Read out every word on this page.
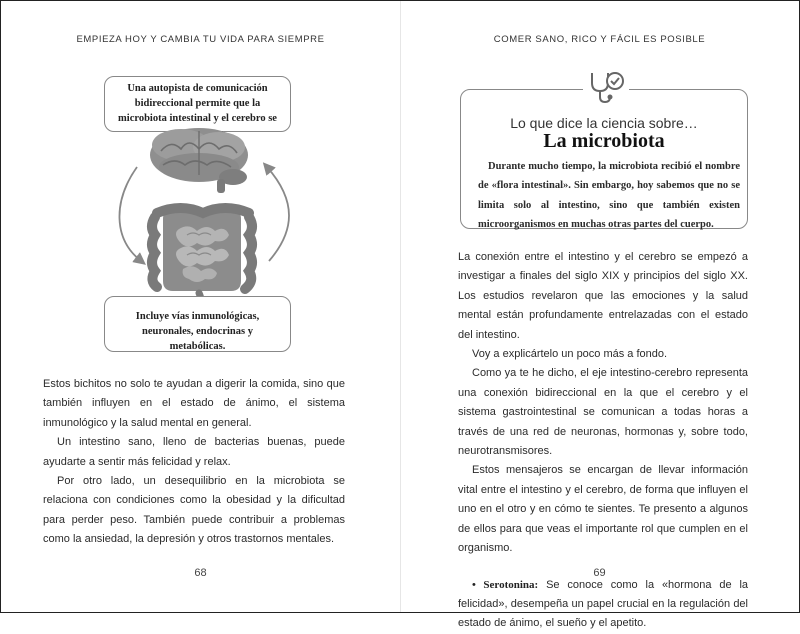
EMPIEZA HOY Y CAMBIA TU VIDA PARA SIEMPRE
Una autopista de comunicación bidireccional permite que la microbiota intestinal y el cerebro se
Incluye vías inmunológicas, neuronales, endocrinas y metabólicas.

Estos bichitos no solo te ayudan a digerir la comida, sino que también influyen en el estado de ánimo, el sistema inmunológico y la salud mental en general.

Un intestino sano, lleno de bacterias buenas, puede ayudarte a sentir más felicidad y relax.

Por otro lado, un desequilibrio en la microbiota se relaciona con condiciones como la obesidad y la dificultad para perder peso. También puede contribuir a problemas como la ansiedad, la depresión y otros trastornos mentales.

68
COMER SANO, RICO Y FÁCIL ES POSIBLE
Lo que dice la ciencia sobre…
La microbiota

Durante mucho tiempo, la microbiota recibió el nombre de «flora intestinal». Sin embargo, hoy sabemos que no se limita solo al intestino, sino que también existen microorganismos en muchas otras partes del cuerpo.

La conexión entre el intestino y el cerebro se empezó a investigar a finales del siglo XIX y principios del siglo XX. Los estudios revelaron que las emociones y la salud mental están profundamente entrelazadas con el estado del intestino.

Voy a explicártelo un poco más a fondo.

Como ya te he dicho, el eje intestino-cerebro representa una conexión bidireccional en la que el cerebro y el sistema gastrointestinal se comunican a todas horas a través de una red de neuronas, hormonas y, sobre todo, neurotransmisores.

Estos mensajeros se encargan de llevar información vital entre el intestino y el cerebro, de forma que influyen el uno en el otro y en cómo te sientes. Te presento a algunos de ellos para que veas el importante rol que cumplen en el organismo.

• Serotonina: Se conoce como la «hormona de la felicidad», desempeña un papel crucial en la regulación del estado de ánimo, el sueño y el apetito.

69
